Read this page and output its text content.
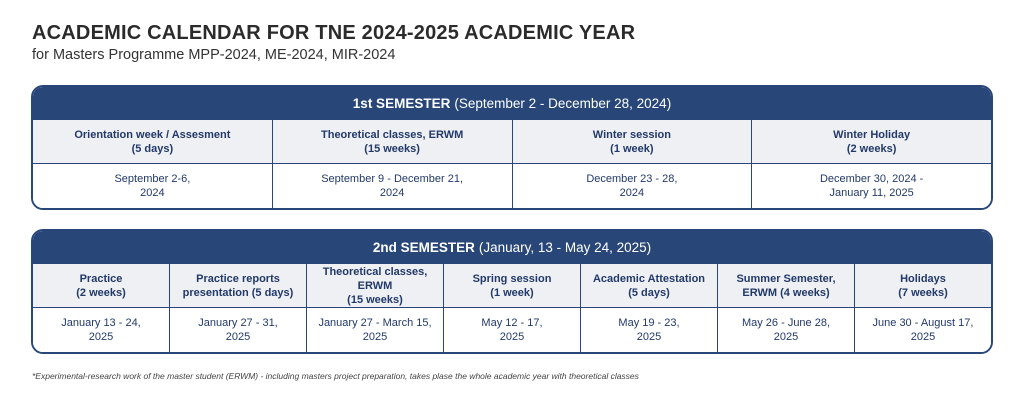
ACADEMIC CALENDAR FOR TNE 2024-2025 ACADEMIC YEAR
for Masters Programme MPP-2024, ME-2024, MIR-2024
1st SEMESTER (September 2 - December 28, 2024)
Orientation week / Assesment
(5 days)
Theoretical classes, ERWM
(15 weeks)
Winter session
(1 week)
Winter Holiday
(2 weeks)
September 2-6,
2024
September 9 - December 21,
2024
December 23 - 28,
2024
December 30, 2024 -
January 11, 2025
2nd SEMESTER (January, 13 - May 24, 2025)
Practice
(2 weeks)
Practice reports
presentation (5 days)
Theoretical classes, ERWM
(15 weeks)
Spring session
(1 week)
Academic Attestation
(5 days)
Summer Semester,
ERWM (4 weeks)
Holidays
(7 weeks)
January 13 - 24,
2025
January 27 - 31,
2025
January 27 - March 15,
2025
May 12 - 17,
2025
May 19 - 23,
2025
May 26 - June 28,
2025
June 30 - August 17,
2025
*Experimental-research work of the master student (ERWM) - including masters project preparation, takes plase the whole academic year with theoretical classes
